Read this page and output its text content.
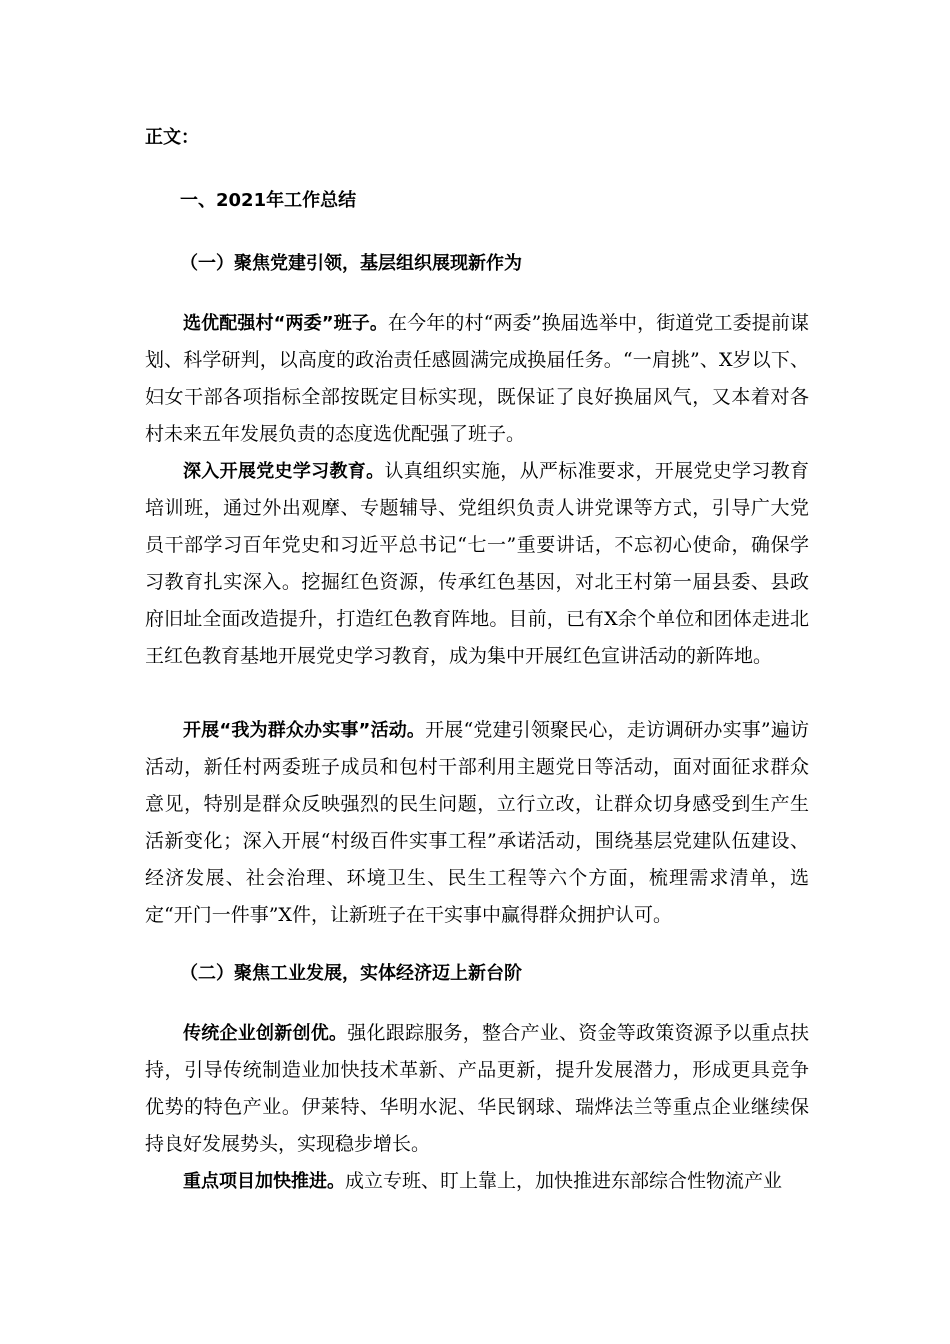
正文：
一、2021年工作总结
（一）聚焦党建引领，基层组织展现新作为

选优配强村“两委”班子。在今年的村“两委”换届选举中，街道党工委提前谋划、科学研判，以高度的政治责任感圆满完成换届任务。“一肩挑”、X岁以下、妇女干部各项指标全部按既定目标实现，既保证了良好换届风气，又本着对各村未来五年发展负责的态度选优配强了班子。

深入开展党史学习教育。认真组织实施，从严标准要求，开展党史学习教育培训班，通过外出观摩、专题辅导、党组织负责人讲党课等方式，引导广大党员干部学习百年党史和习近平总书记“七一”重要讲话，不忘初心使命，确保学习教育扎实深入。挖掘红色资源，传承红色基因，对北王村第一届县委、县政府旧址全面改造提升，打造红色教育阵地。目前，已有X余个单位和团体走进北王红色教育基地开展党史学习教育，成为集中开展红色宣讲活动的新阵地。

开展“我为群众办实事”活动。开展“党建引领聚民心，走访调研办实事”遍访活动，新任村两委班子成员和包村干部利用主题党日等活动，面对面征求群众意见，特别是群众反映强烈的民生问题，立行立改，让群众切身感受到生产生活新变化；深入开展“村级百件实事工程”承诺活动，围绕基层党建队伍建设、经济发展、社会治理、环境卫生、民生工程等六个方面，梳理需求清单，选定“开门一件事”X件，让新班子在干实事中赢得群众拥护认可。

（二）聚焦工业发展，实体经济迈上新台阶

传统企业创新创优。强化跟踪服务，整合产业、资金等政策资源予以重点扶持，引导传统制造业加快技术革新、产品更新，提升发展潜力，形成更具竞争优势的特色产业。伊莱特、华明水泥、华民钢球、瑞烨法兰等重点企业继续保持良好发展势头，实现稳步增长。

重点项目加快推进。成立专班、盯上靠上，加快推进东部综合性物流产业
